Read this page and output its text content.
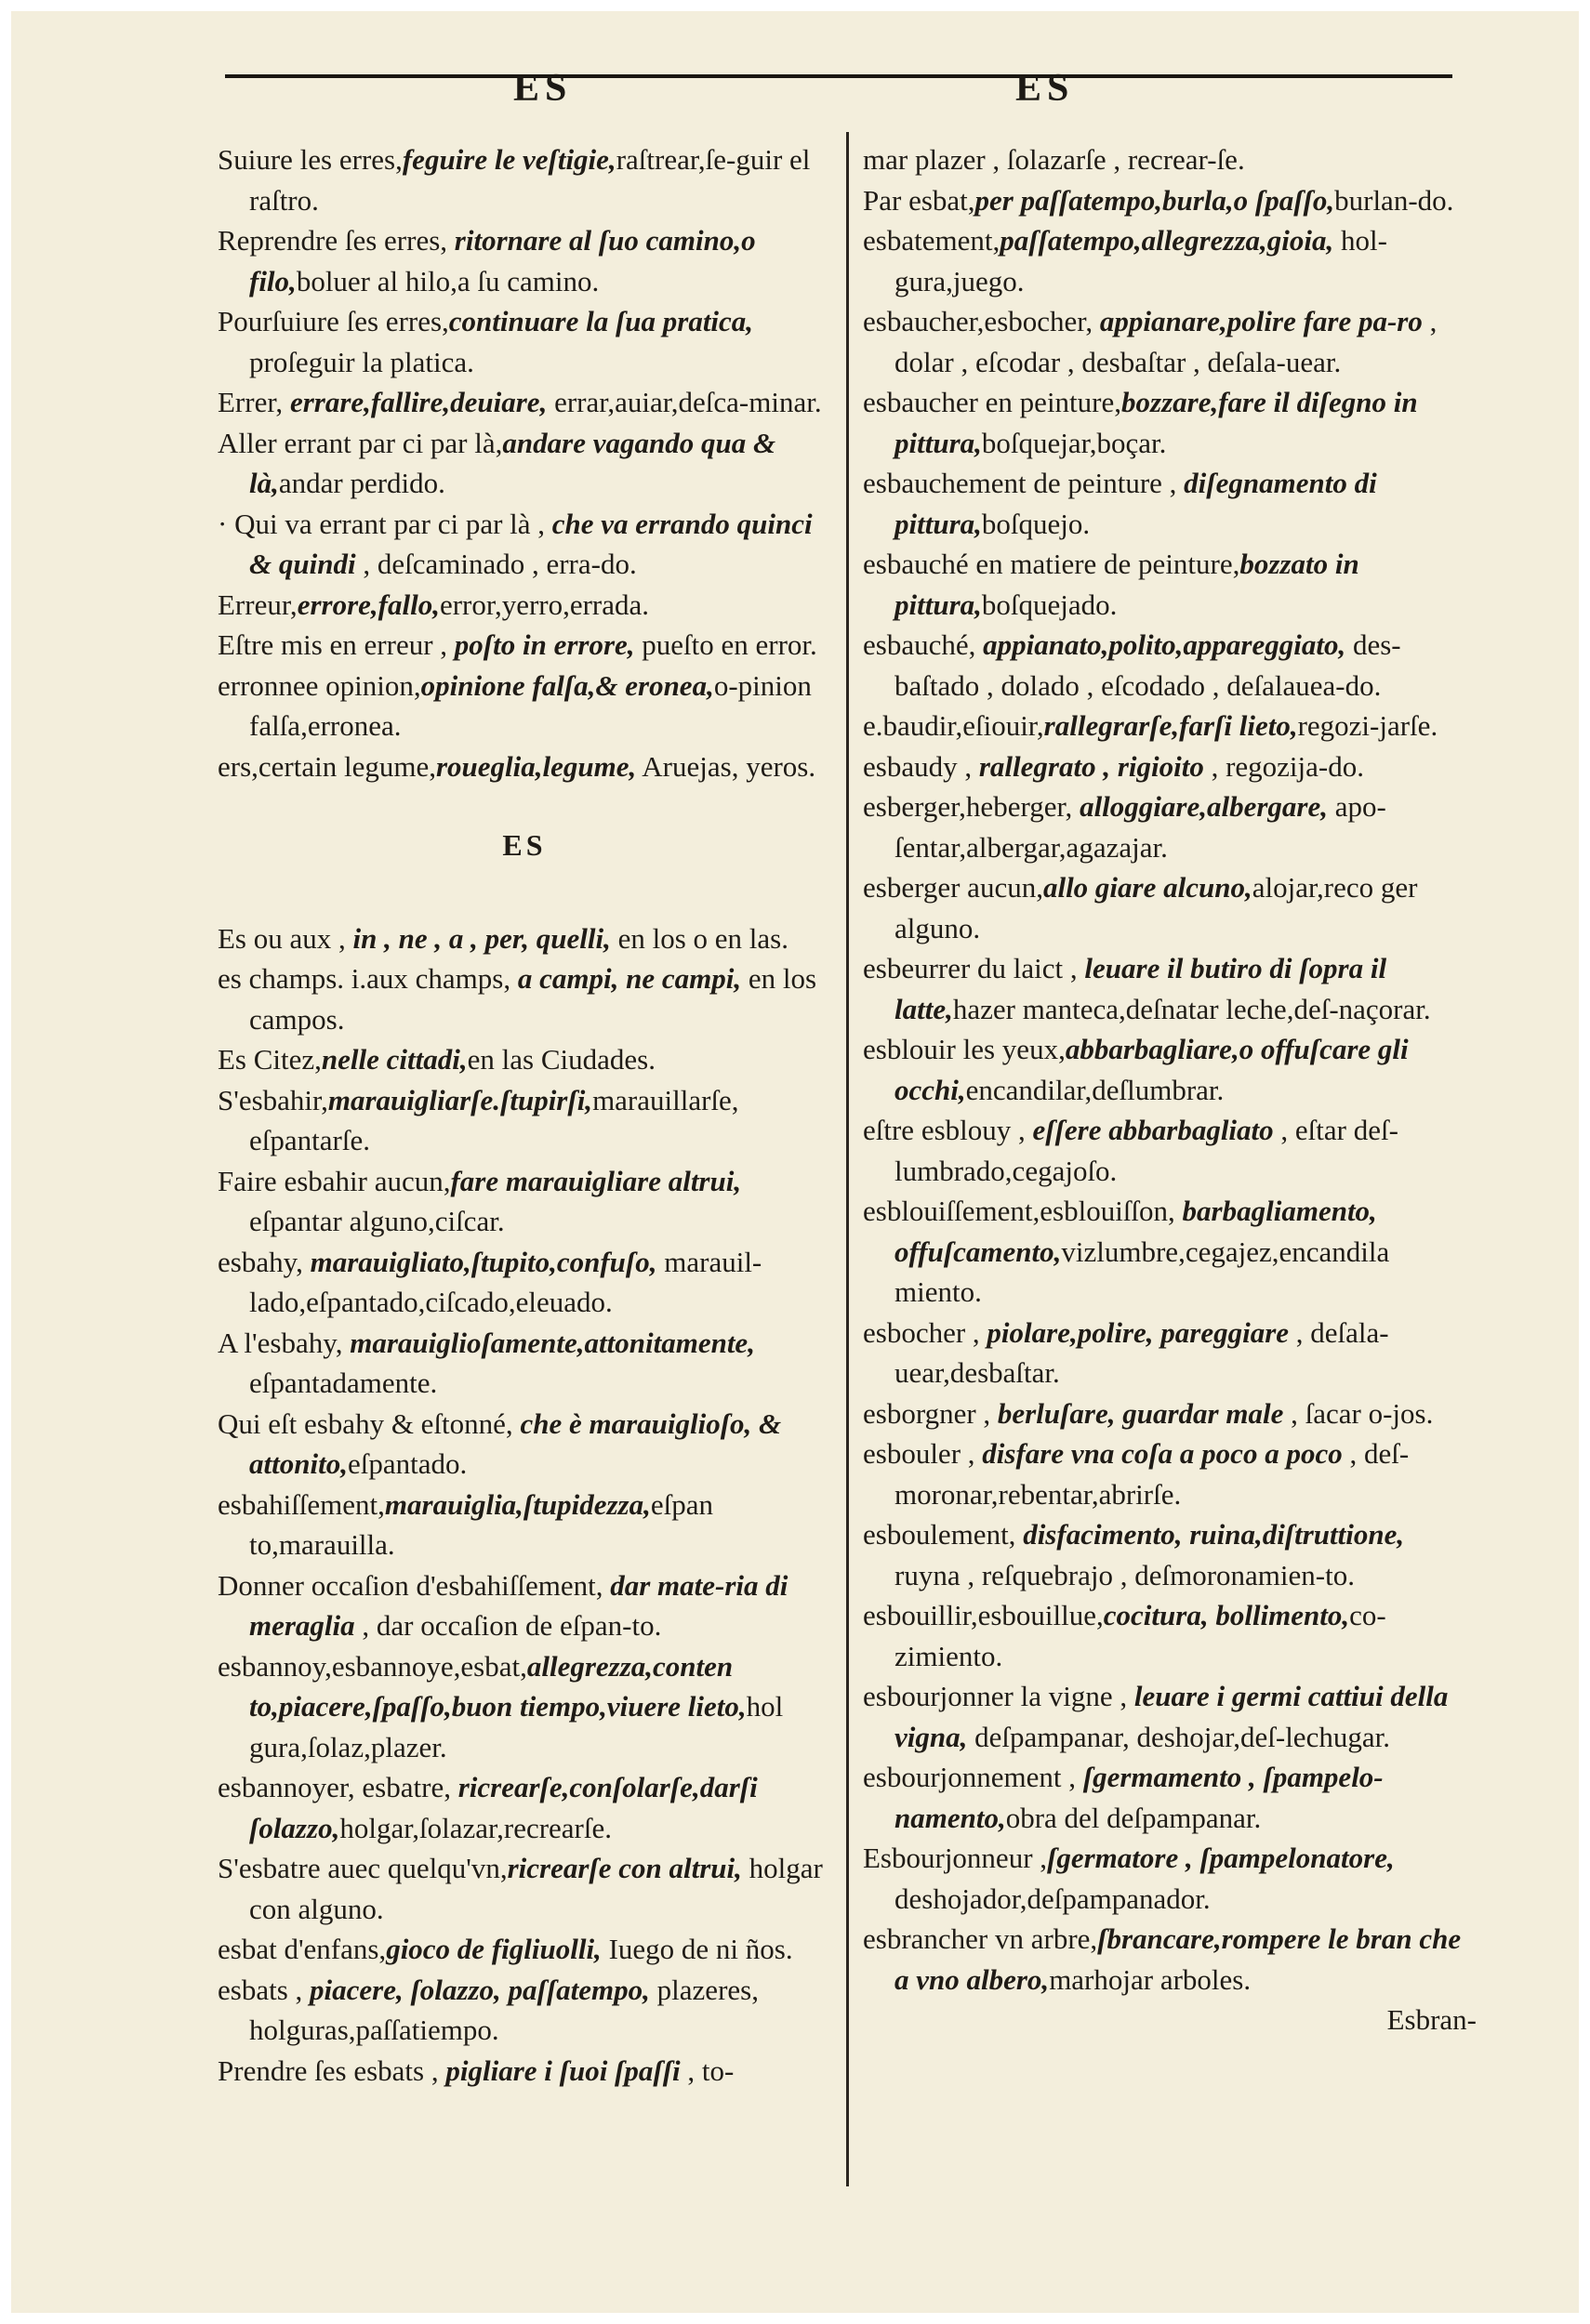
ES	ES

Suiure les erres,feguire le veſtigie,raſtrear,ſe-guir el raſtro.

Reprendre ſes erres, ritornare al ſuo camino,o filo,boluer al hilo,a ſu camino.

Pourſuiure ſes erres,continuare la ſua pratica, proſeguir la platica.

Errer, errare,fallire,deuiare, errar,auiar,deſca-minar.

Aller errant par ci par là,andare vagando qua & là,andar perdido.

· Qui va errant par ci par là , che va errando quinci & quindi , deſcaminado , erra-do.

Erreur,errore,fallo,error,yerro,errada.

Eſtre mis en erreur , poſto in errore, pueſto en error.

erronnee opinion,opinione falſa,& eronea,o-pinion falſa,erronea.

ers,certain legume,roueglia,legume, Aruejas, yeros.

ES

Es ou aux , in , ne , a , per, quelli, en los o en las.

es champs. i.aux champs, a campi, ne campi, en los campos.

Es Citez,nelle cittadi,en las Ciudades.

S'esbahir,marauigliarſe.ſtupirſi,marauillarſe, eſpantarſe.

Faire esbahir aucun,fare marauigliare altrui, eſpantar alguno,ciſcar.

esbahy, marauigliato,ſtupito,confuſo, marauil-lado,eſpantado,ciſcado,eleuado.

A l'esbahy, marauiglioſamente,attonitamente, eſpantadamente.

Qui eſt esbahy & eſtonné, che è marauiglioſo, & attonito,eſpantado.

esbahiſſement,marauiglia,ſtupidezza,eſpan to,marauilla.

Donner occaſion d'esbahiſſement, dar mate-ria di meraglia , dar occaſion de eſpan-to.

esbannoy,esbannoye,esbat,allegrezza,conten to,piacere,ſpaſſo,buon tiempo,viuere lieto,hol gura,ſolaz,plazer.

esbannoyer, esbatre, ricrearſe,conſolarſe,darſi ſolazzo,holgar,ſolazar,recrearſe.

S'esbatre auec quelqu'vn,ricrearſe con altrui, holgar con alguno.

esbat d'enfans,gioco de figliuolli, Iuego de ni ños.

esbats , piacere, ſolazzo, paſſatempo, plazeres, holguras,paſſatiempo.

Prendre ſes esbats , pigliare i ſuoi ſpaſſi , to-

mar plazer , ſolazarſe , recrear-ſe.

Par esbat,per paſſatempo,burla,o ſpaſſo,burlan-do.

esbatement,paſſatempo,allegrezza,gioia, hol-gura,juego.

esbaucher,esbocher, appianare,polire fare pa-ro , dolar , eſcodar , desbaſtar , deſala-uear.

esbaucher en peinture,bozzare,fare il diſegno in pittura,boſquejar,boçar.

esbauchement de peinture , diſegnamento di pittura,boſquejo.

esbauché en matiere de peinture,bozzato in pittura,boſquejado.

esbauché, appianato,polito,appareggiato, des-baſtado , dolado , eſcodado , deſalauea-do.

e.baudir,eſiouir,rallegrarſe,farſi lieto,regozi-jarſe.

esbaudy , rallegrato , rigioito , regozija-do.

esberger,heberger, alloggiare,albergare, apo-ſentar,albergar,agazajar.

esberger aucun,allo giare alcuno,alojar,reco ger alguno.

esbeurrer du laict , leuare il butiro di ſopra il latte,hazer manteca,deſnatar leche,deſ-naçorar.

esblouir les yeux,abbarbagliare,o offuſcare gli occhi,encandilar,deſlumbrar.

eſtre esblouy , eſſere abbarbagliato , eſtar deſ-lumbrado,cegajoſo.

esblouiſſement,esblouiſſon, barbagliamento, offuſcamento,vizlumbre,cegajez,encandila miento.

esbocher , piolare,polire, pareggiare , deſala-uear,desbaſtar.

esborgner , berluſare, guardar male , ſacar o-jos.

esbouler , disfare vna coſa a poco a poco , deſ-moronar,rebentar,abrirſe.

esboulement, disfacimento, ruina,diſtruttione, ruyna , reſquebrajo , deſmoronamien-to.

esbouillir,esbouillue,cocitura, bollimento,co-zimiento.

esbourjonner la vigne , leuare i germi cattiui della vigna, deſpampanar, deshojar,deſ-lechugar.

esbourjonnement , ſgermamento , ſpampelo-namento,obra del deſpampanar.

Esbourjonneur ,ſgermatore , ſpampelonatore, deshojador,deſpampanador.

esbrancher vn arbre,ſbrancare,rompere le bran che a vno albero,marhojar arboles.

Esbran-
